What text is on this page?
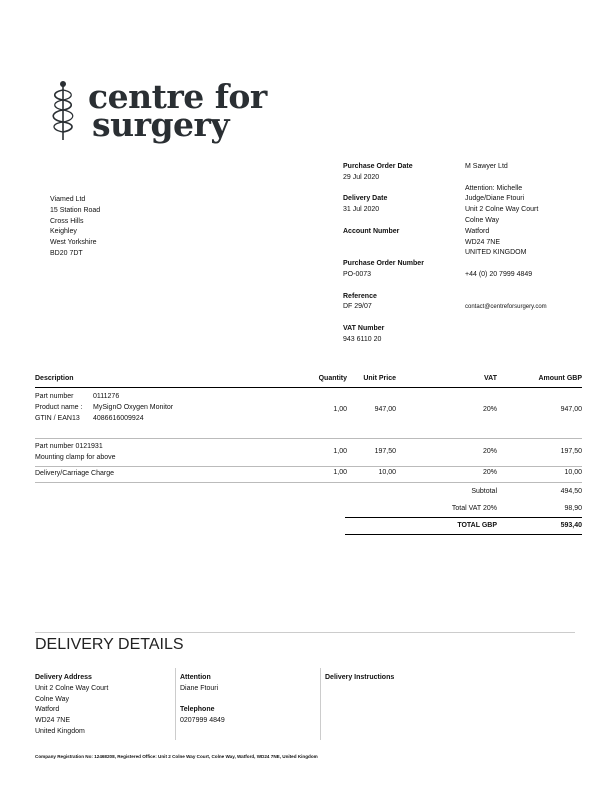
centre for
surgery
Viamed Ltd
15 Station Road
Cross Hills
Keighley
West Yorkshire
BD20 7DT
Purchase Order Date
29 Jul 2020
Delivery Date
31 Jul 2020
Account Number
Purchase Order Number
PO-0073
Reference
DF 29/07
VAT Number
943 6110 20
M Sawyer Ltd
Attention: Michelle
Judge/Diane Ftouri
Unit 2 Colne Way Court
Colne Way
Watford
WD24 7NE
UNITED KINGDOM
+44 (0) 20 7999 4849
contact@centreforsurgery.com
Description	Quantity Unit Price	VAT	Amount GBP
Part number	0111276
Product name : MySignO Oxygen Monitor
GTIN / EAN13 4086616009924
1,00	947,00	20%	947,00
Part number 0121931
Mounting clamp for above
1,00	197,50	20%	197,50
Delivery/Carriage Charge	1,00	10,00	20%	10,00
Subtotal	494,50
Total VAT 20%	98,90
TOTAL GBP	593,40
DELIVERY DETAILS
Delivery Address
Unit 2 Colne Way Court
Colne Way
Watford
WD24 7NE
United Kingdom
Attention
Diane Ftouri
Telephone
0207999 4849
Delivery Instructions
Company Registration No: 12468208, Registered Office: Unit 2 Colne Way Court, Colne Way, Watford, WD24 7NE, United Kingdom
